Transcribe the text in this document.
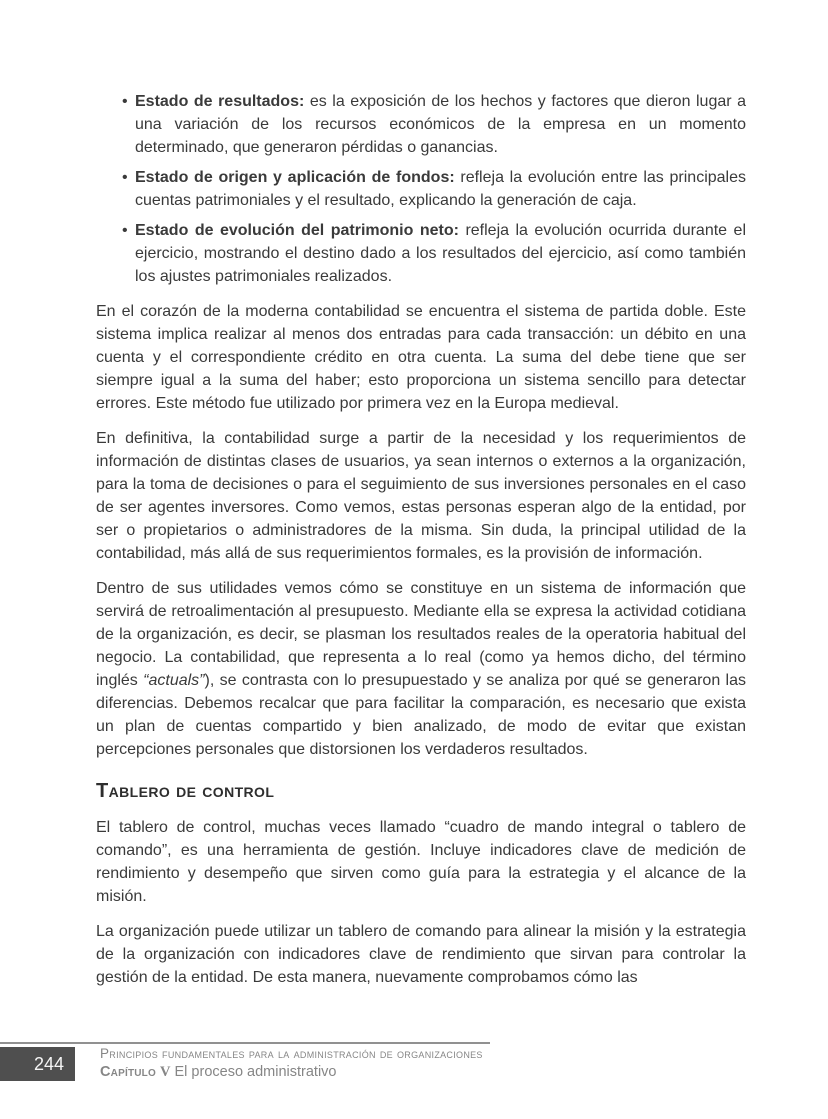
• Estado de resultados: es la exposición de los hechos y factores que dieron lugar a una variación de los recursos económicos de la empresa en un momento determinado, que generaron pérdidas o ganancias.
• Estado de origen y aplicación de fondos: refleja la evolución entre las principales cuentas patrimoniales y el resultado, explicando la generación de caja.
• Estado de evolución del patrimonio neto: refleja la evolución ocurrida durante el ejercicio, mostrando el destino dado a los resultados del ejercicio, así como también los ajustes patrimoniales realizados.

En el corazón de la moderna contabilidad se encuentra el sistema de partida doble. Este sistema implica realizar al menos dos entradas para cada transacción: un débito en una cuenta y el correspondiente crédito en otra cuenta. La suma del debe tiene que ser siempre igual a la suma del haber; esto proporciona un sistema sencillo para detectar errores. Este método fue utilizado por primera vez en la Europa medieval.

En definitiva, la contabilidad surge a partir de la necesidad y los requerimientos de información de distintas clases de usuarios, ya sean internos o externos a la organización, para la toma de decisiones o para el seguimiento de sus inversiones personales en el caso de ser agentes inversores. Como vemos, estas personas esperan algo de la entidad, por ser o propietarios o administradores de la misma. Sin duda, la principal utilidad de la contabilidad, más allá de sus requerimientos formales, es la provisión de información.

Dentro de sus utilidades vemos cómo se constituye en un sistema de información que servirá de retroalimentación al presupuesto. Mediante ella se expresa la actividad cotidiana de la organización, es decir, se plasman los resultados reales de la operatoria habitual del negocio. La contabilidad, que representa a lo real (como ya hemos dicho, del término inglés “actuals”), se contrasta con lo presupuestado y se analiza por qué se generaron las diferencias. Debemos recalcar que para facilitar la comparación, es necesario que exista un plan de cuentas compartido y bien analizado, de modo de evitar que existan percepciones personales que distorsionen los verdaderos resultados.

Tablero de control

El tablero de control, muchas veces llamado “cuadro de mando integral o tablero de comando”, es una herramienta de gestión. Incluye indicadores clave de medición de rendimiento y desempeño que sirven como guía para la estrategia y el alcance de la misión.

La organización puede utilizar un tablero de comando para alinear la misión y la estrategia de la organización con indicadores clave de rendimiento que sirvan para controlar la gestión de la entidad. De esta manera, nuevamente comprobamos cómo las

244	Principios fundamentales para la administración de organizaciones
Capítulo V El proceso administrativo
